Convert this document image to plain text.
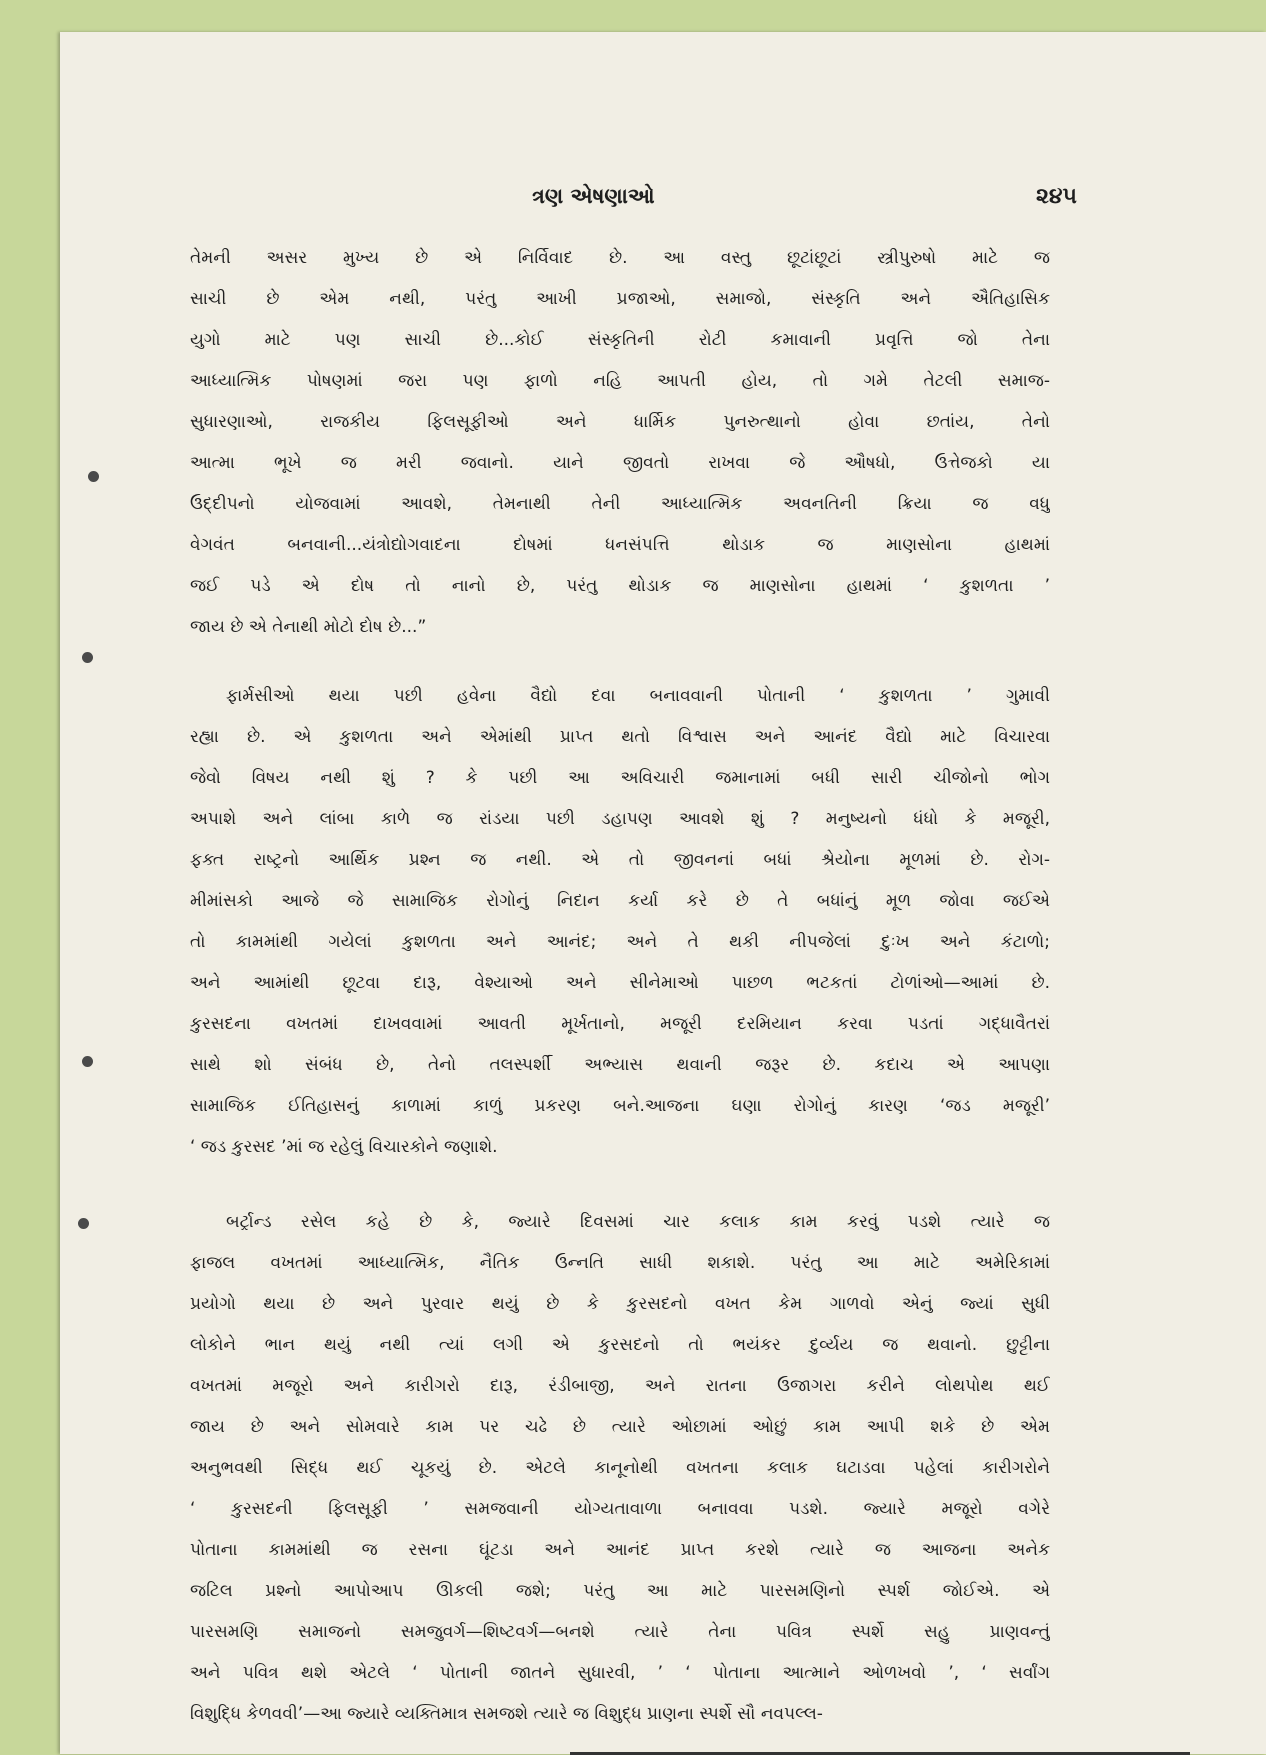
ત્રણ એષણાઓ	૨૪૫
તેમની અસર મુખ્ય છે એ નિર્વિવાદ છે. આ વસ્તુ છૂટાંછૂટાં સ્ત્રીપુરુષો માટે જ
સાચી છે એમ નથી, પરંતુ આખી પ્રજાઓ, સમાજો, સંસ્કૃતિ અને ઐતિહાસિક
યુગો માટે પણ સાચી છે...કોઈ સંસ્કૃતિની રોટી કમાવાની પ્રવૃત્તિ જો તેના
આધ્યાત્મિક પોષણમાં જરા પણ ફાળો નહિ આપતી હોય, તો ગમે તેટલી સમાજ-
સુધારણાઓ, રાજકીય ફિલસૂફીઓ અને ધાર્મિક પુનરુત્થાનો હોવા છતાંય, તેનો
આત્મા ભૂખે જ મરી જવાનો. યાને જીવતો રાખવા જે ઔષધો, ઉત્તેજકો યા
ઉદ્દીપનો યોજવામાં આવશે, તેમનાથી તેની આધ્યાત્મિક અવનતિની ક્રિયા જ વધુ
વેગવંત બનવાની...યંત્રોદ્યોગવાદના દોષમાં ધનસંપત્તિ થોડાક જ માણસોના હાથમાં
જઈ પડે એ દોષ તો નાનો છે, પરંતુ થોડાક જ માણસોના હાથમાં ‘ કુશળતા ’
જાય છે એ તેનાથી મોટો દોષ છે...”
ફાર્મસીઓ થયા પછી હવેના વૈદ્યો દવા બનાવવાની પોતાની ‘ કુશળતા ’ ગુમાવી
રહ્યા છે. એ કુશળતા અને એમાંથી પ્રાપ્ત થતો વિશ્વાસ અને આનંદ વૈદ્યો માટે વિચારવા
જેવો વિષય નથી શું ? કે પછી આ અવિચારી જમાનામાં બધી સારી ચીજોનો ભોગ
અપાશે અને લાંબા કાળે જ રાંડયા પછી ડહાપણ આવશે શું ? મનુષ્યનો ધંધો કે મજૂરી,
ફક્ત રાષ્ટ્રનો આર્થિક પ્રશ્ન જ નથી. એ તો જીવનનાં બધાં શ્રેયોના મૂળમાં છે. રોગ-
મીમાંસકો આજે જે સામાજિક રોગોનું નિદાન કર્યા કરે છે તે બધાંનું મૂળ જોવા જઈએ
તો કામમાંથી ગયેલાં કુશળતા અને આનંદ; અને તે થકી નીપજેલાં દુઃખ અને કંટાળો;
અને આમાંથી છૂટવા દારૂ, વેશ્યાઓ અને સીનેમાઓ પાછળ ભટકતાં ટોળાંઓ—આમાં છે.
કુરસદના વખતમાં દાખવવામાં આવતી મૂર્ખતાનો, મજૂરી દરમિયાન કરવા પડતાં ગદ્ધાવૈતરાં
સાથે શો સંબંધ છે, તેનો તલસ્પર્શી અભ્યાસ થવાની જરૂર છે. કદાચ એ આપણા
સામાજિક ઈતિહાસનું કાળામાં કાળું પ્રકરણ બને.આજના ઘણા રોગોનું કારણ ‘જડ મજૂરી’
‘ જડ કુરસદ ’માં જ રહેલું વિચારકોને જણાશે.
બર્ટ્રાન્ડ રસેલ કહે છે કે, જ્યારે દિવસમાં ચાર કલાક કામ કરવું પડશે ત્યારે જ
ફાજલ વખતમાં આધ્યાત્મિક, નૈતિક ઉન્નતિ સાધી શકાશે. પરંતુ આ માટે અમેરિકામાં
પ્રયોગો થયા છે અને પુરવાર થયું છે કે કુરસદનો વખત કેમ ગાળવો એનું જ્યાં સુધી
લોકોને ભાન થયું નથી ત્યાં લગી એ કુરસદનો તો ભયંકર દુર્વ્યય જ થવાનો. છુટ્ટીના
વખતમાં મજૂરો અને કારીગરો દારૂ, રંડીબાજી, અને રાતના ઉજાગરા કરીને લોથપોથ થઈ
જાય છે અને સોમવારે કામ પર ચઢે છે ત્યારે ઓછામાં ઓછું કામ આપી શકે છે એમ
અનુભવથી સિદ્ધ થઈ ચૂકયું છે. એટલે કાનૂનોથી વખતના કલાક ઘટાડવા પહેલાં કારીગરોને
‘ કુરસદની ફિલસૂફી ’ સમજવાની યોગ્યતાવાળા બનાવવા પડશે. જ્યારે મજૂરો વગેરે
પોતાના કામમાંથી જ રસના ઘૂંટડા અને આનંદ પ્રાપ્ત કરશે ત્યારે જ આજના અનેક
જટિલ પ્રશ્નો આપોઆપ ઊકલી જશે; પરંતુ આ માટે પારસમણિનો સ્પર્શ જોઈએ. એ
પારસમણિ સમાજનો સમજુવર્ગ—શિષ્ટવર્ગ—બનશે ત્યારે તેના પવિત્ર સ્પર્શે સહુ પ્રાણવન્તું
અને પવિત્ર થશે એટલે ‘ પોતાની જાતને સુધારવી, ’ ‘ પોતાના આત્માને ઓળખવો ’, ‘ સર્વાંગ
વિશુદ્ધિ કેળવવી’—આ જ્યારે વ્યક્તિમાત્ર સમજશે ત્યારે જ વિશુદ્ધ પ્રાણના સ્પર્શે સૌ નવપલ્લ-
